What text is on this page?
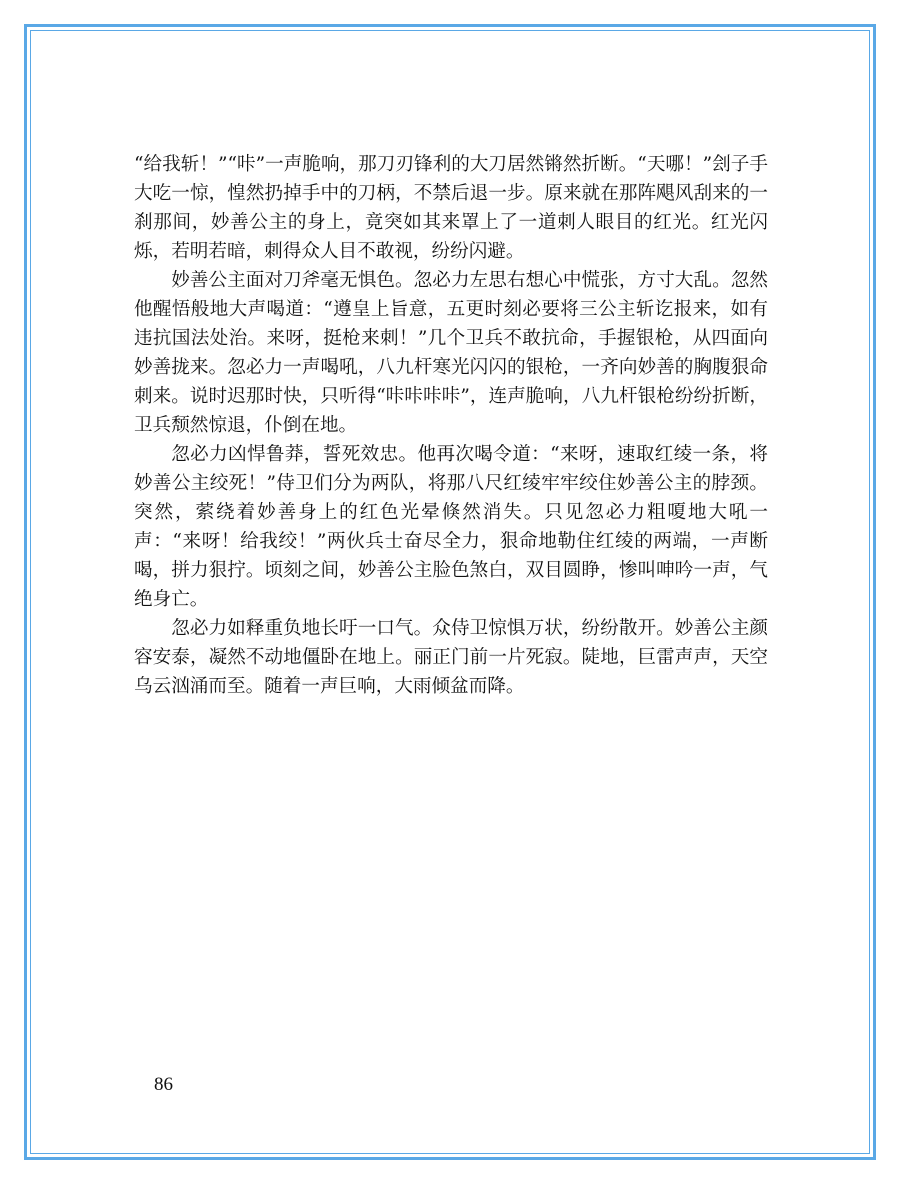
“给我斩！”“咔”一声脆响，那刀刃锋利的大刀居然锵然折断。“天哪！”刽子手大吃一惊，惶然扔掉手中的刀柄，不禁后退一步。原来就在那阵飓风刮来的一刹那间，妙善公主的身上，竟突如其来罩上了一道刺人眼目的红光。红光闪烁，若明若暗，刺得众人目不敢视，纷纷闪避。

妙善公主面对刀斧毫无惧色。忽必力左思右想心中慌张，方寸大乱。忽然他醒悟般地大声喝道：“遵皇上旨意，五更时刻必要将三公主斩讫报来，如有违抗国法处治。来呀，挺枪来刺！”几个卫兵不敢抗命，手握银枪，从四面向妙善拢来。忽必力一声喝吼，八九杆寒光闪闪的银枪，一齐向妙善的胸腹狠命刺来。说时迟那时快，只听得“咔咔咔咔”，连声脆响，八九杆银枪纷纷折断，卫兵颓然惊退，仆倒在地。

忽必力凶悍鲁莽，誓死效忠。他再次喝令道：“来呀，速取红绫一条，将妙善公主绞死！”侍卫们分为两队，将那八尺红绫牢牢绞住妙善公主的脖颈。突然，萦绕着妙善身上的红色光晕倏然消失。只见忽必力粗嗄地大吼一声：“来呀！给我绞！”两伙兵士奋尽全力，狠命地勒住红绫的两端，一声断喝，拼力狠拧。顷刻之间，妙善公主脸色煞白，双目圆睁，惨叫呻吟一声，气绝身亡。

忽必力如释重负地长吁一口气。众侍卫惊惧万状，纷纷散开。妙善公主颜容安泰，凝然不动地僵卧在地上。丽正门前一片死寂。陡地，巨雷声声，天空乌云汹涌而至。随着一声巨响，大雨倾盆而降。

86
